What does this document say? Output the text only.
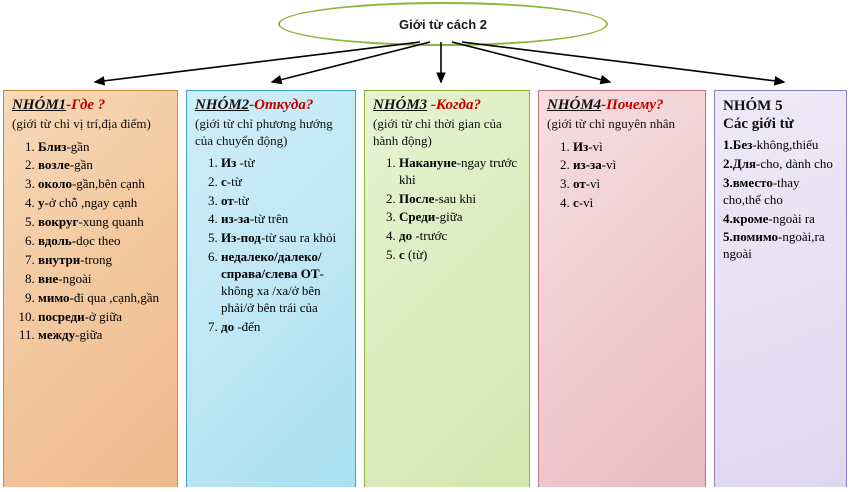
Giới từ cách 2
NHÓM1-Где ?
(giới từ chỉ vị trí,địa điểm)
1. Близ-gần
2. возле-gần
3. около-gần,bên cạnh
4. y-ở chỗ ,ngay cạnh
5. вокруг-xung quanh
6. вдоль-dọc theo
7. внутри-trong
8. вне-ngoài
9. мимо-đi qua ,cạnh,gần
10. посреди-ở giữa
11. между-giữa
NHÓM2-Откуда?
(giới từ chỉ phương hướng của chuyển động)
1. Из -từ
2. c-từ
3. от-từ
4. из-за-từ trên
5. Из-под-từ sau ra khỏi
6. недалеко/далеко/справа/слева ОТ-không xa /xa/ở bên phải/ở bên trái của
7. до -đến
NHÓM3 -Когда?
(giới từ chỉ thời gian của hành động)
1. Накануне-ngay trước khi
2. После-sau khi
3. Среди-giữa
4. до -trước
5. c (từ)
NHÓM4-Почему?
(giới từ chỉ nguyên nhân
1. Из-vì
2. из-за-vì
3. от-vì
4. c-vì
NHÓM 5
Các giới từ
1.Без-không,thiếu
2.Для-cho, dành cho
3.вместо-thay cho,thế cho
4.кроме-ngoài ra
5.помимо-ngoài,ra ngoài
